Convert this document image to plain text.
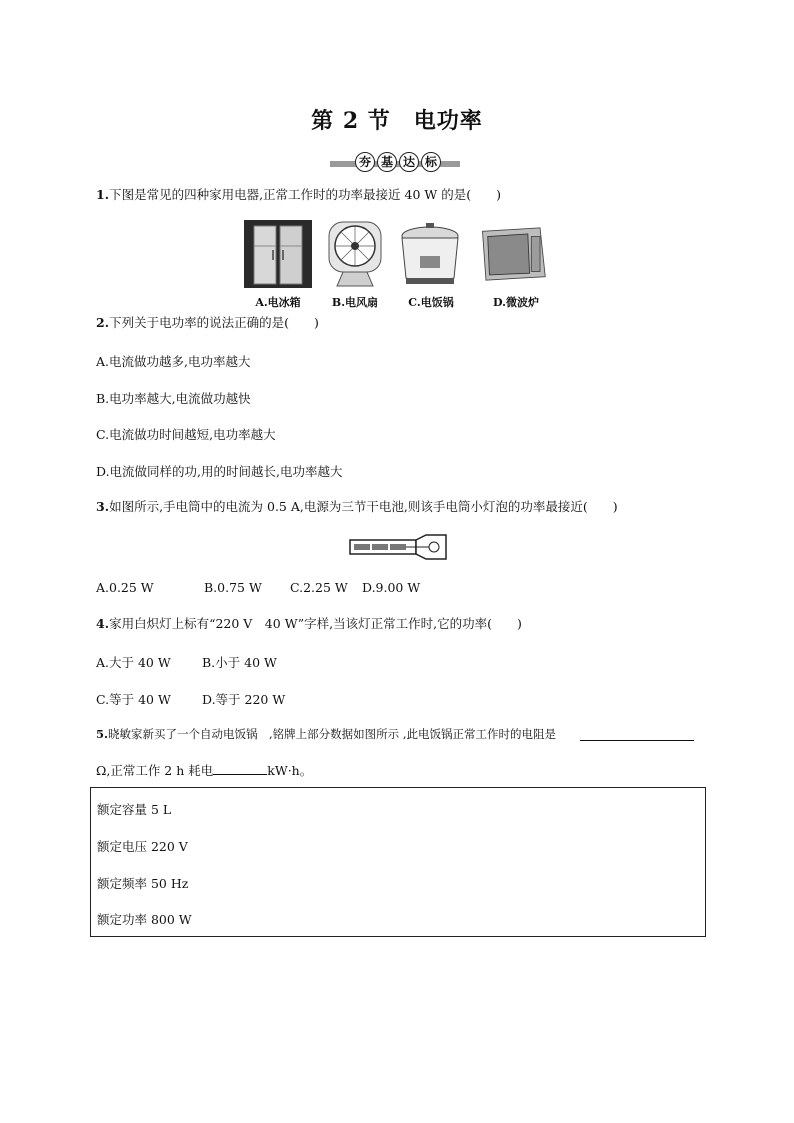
第 2 节　电功率
夯 基 达 标
1.下图是常见的四种家用电器,正常工作时的功率最接近 40 W 的是(　　)
A.电冰箱	B.电风扇	C.电饭锅	D.微波炉
2.下列关于电功率的说法正确的是(　　)
A.电流做功越多,电功率越大
B.电功率越大,电流做功越快
C.电流做功时间越短,电功率越大
D.电流做同样的功,用的时间越长,电功率越大
3.如图所示,手电筒中的电流为 0.5 A,电源为三节干电池,则该手电筒小灯泡的功率最接近(　　)
A.0.25 W	B.0.75 W C.2.25 W D.9.00 W
4.家用白炽灯上标有“220 V　40 W”字样,当该灯正常工作时,它的功率(　　)
A.大于 40 W	B.小于 40 W
C.等于 40 W D.等于 220 W
5.晓敏家新买了一个自动电饭锅　,铭牌上部分数据如图所示 ,此电饭锅正常工作时的电阻是
Ω,正常工作 2 h 耗电	kW·h。
额定容量 5 L
额定电压 220 V
额定频率 50 Hz
额定功率 800 W
